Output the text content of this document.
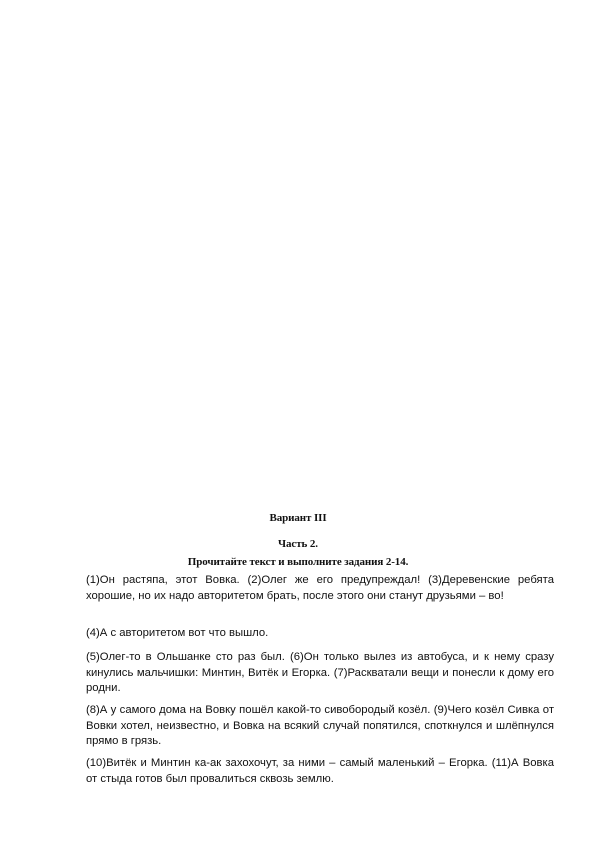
Вариант III
Часть 2.
Прочитайте текст и выполните задания 2-14.

(1)Он растяпа, этот Вовка. (2)Олег же его предупреждал! (3)Деревенские ребята хорошие, но их надо авторитетом брать, после этого они станут друзьями – во!

(4)А с авторитетом вот что вышло.

(5)Олег-то в Ольшанке сто раз был. (6)Он только вылез из автобуса, и к нему сразу кинулись мальчишки: Минтин, Витёк и Егорка. (7)Раскватали вещи и понесли к дому его родни.

(8)А у самого дома на Вовку пошёл какой-то сивобородый козёл. (9)Чего козёл Сивка от Вовки хотел, неизвестно, и Вовка на всякий случай попятился, споткнулся и шлёпнулся прямо в грязь.

(10)Витёк и Минтин ка-ак захохочут, за ними – самый маленький – Егорка. (11)А Вовка от стыда готов был провалиться сквозь землю.
